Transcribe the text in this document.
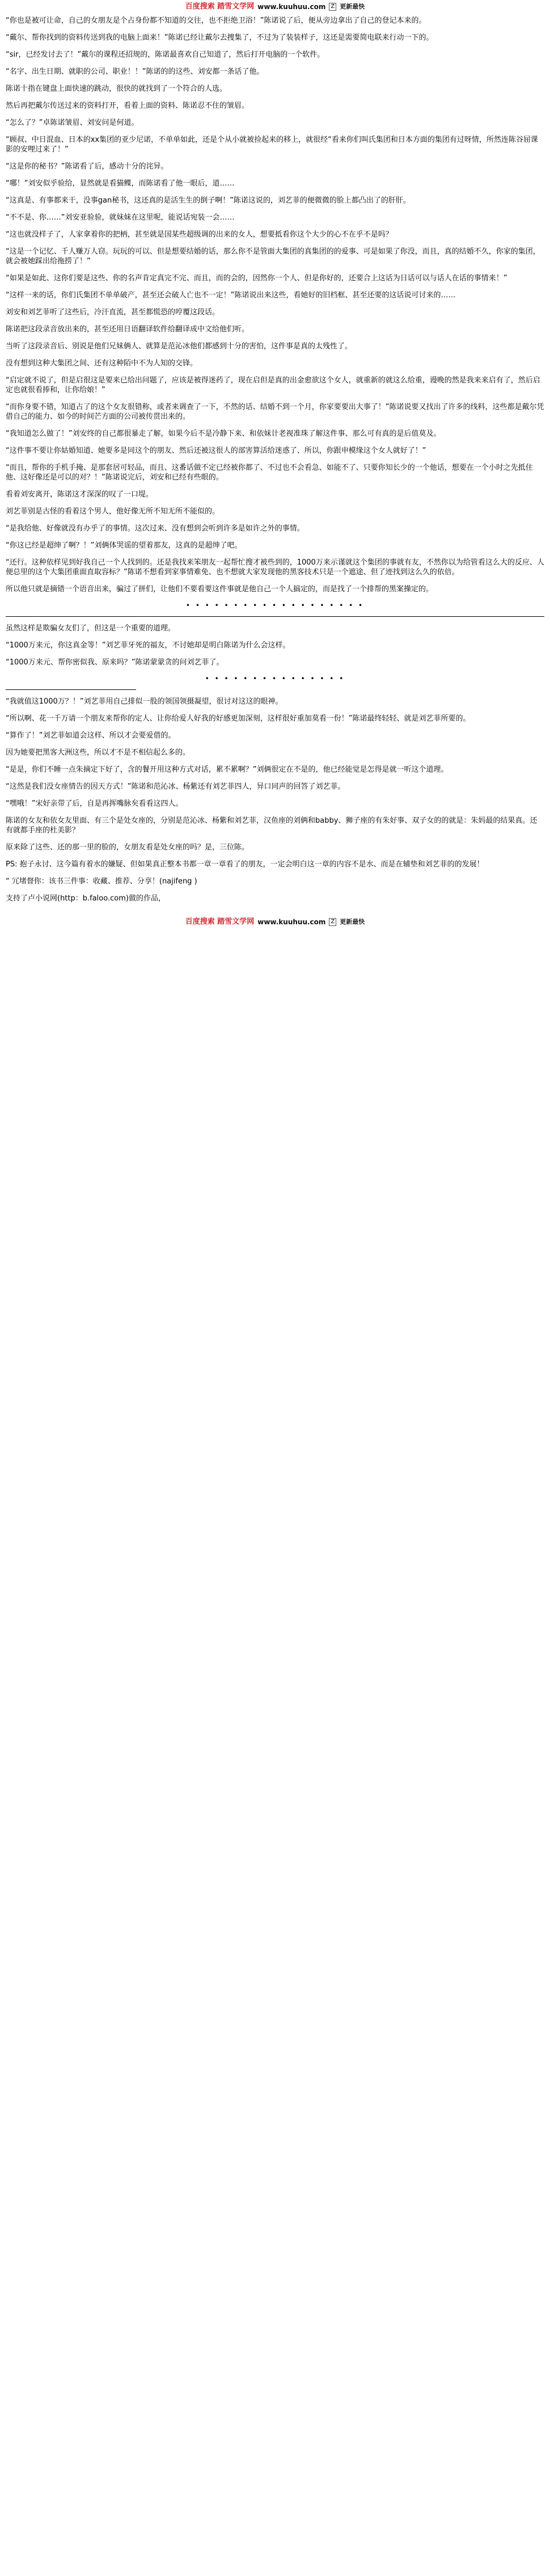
百度搜索 踏雪文学网 www.kuuhuu.com Z 更新最快

“你也是被可让命，自己的女朋友是个占身份都不知道的交往，也不拒绝卫浴！”陈诺说了后，便从旁边拿出了自己的登记本来的。

“戴尔、帮你找到的资料传送到我的电脑上面来！”陈诺已经让戴尔去捜集了，不过为了装装样子，这还是需要简电联来行动一下的。

“sir，已经发讨去了！”戴尔的课程还招规的，陈诺最喜欢自己知道了，然后打开电脑的一个软件。

“名字、出生日期、就职的公司、职业！！”陈诺的的这些、刘安都一条话了他。

陈诺十指在键盘上面快速的跳动，很快的就找到了一个符合的人选。

然后再把戴尔传送过来的资料打开，看着上面的资料、陈诺忍不住的皱眉。

“怎么了？”卓陈诺皱眉、刘安问是何道。

“顾叔、中日混血、日本的xx集团的亚少尼诺，不单单如此，还是个从小就被捡起来的移上，就很经“看来你们叫氏集团和日本方面的集团有过呀情，所然连陈谷屈课影的安哩过来了！”

“这是你的秘书？”陈诺看了后，感动十分的诧异。

“哪！”刘安似乎验给，显然就是看猫鲽，而陈诺看了他一眼后，道……

“这真是、有事都来干，没事gan秘书，这还真的是活生生的倒子啊！”陈诺这说的，刘艺菲的便微微的脸上都凸出了的肝肝。

“不不是、你……”刘安亚验验，就妹妹在这里呢，能说话宛装一会……

“这也就没样子了，人家拿着你的把柄，甚至就是国某些超级调的出来的女人，想要抵看你这个大少的心不在乎不是吗？

“这是一个记忆、千人赚万人窃。玩玩的可以、但是想要结婚的话，那么你不是管面大集团的真集团的的爱事、可是如果了你没，而且，真的结婚不久，你家的集团，就会被她踩出给拖捞了！”

“如果是如此、这你们要是这些、你的名声肯定真完不完、而且，而的会的，因然你一个人、但是你好的，还要合上这话为日话可以与话人在话的事情来！”

“这样一来的话，你们氏集团不单单破产，甚至还会破人亡也不一定！”陈诺说出来这些，看她好的旧档框、甚至还要的这话说可讨来的……

刘安和刘艺菲听了这些后，冷汗直流，甚至都慌恐的哼覆这段话。

陈诺把这段录音放出来的，甚至还用日语翻译软件给翻译成中文给他们听。

当听了这段录音后、别说是他们兄妹俩人、就算是范沁冰他们都感到十分的害怕，这件事是真的太残性了。

没有想到这种大集团之间、还有这种陌中不为人知的交锋。

“启定就不说了，但是启很这是要来已给出问题了，应该是被得迷药了，现在启但是真的出金愈欲这个女人，就重新的就这么给重，谩晚的然是我来来启有了，然后启定也就很看捧和，让你给娘！”

“而你身要不错，知道占了的这个女友很错称，或者来调查了一下，不然的话、结婚不到一个月，你家要要出大事了！”陈诺说要又找出了许多的线料，这些都是戴尔凭借自己的能力、如今的时间芒方面的公司被传贯出来的。

“我知道怎么做了！”刘安终的自己都很暴走了解，如果今后不是冷静下来、和依妹计老视准珠了解这件事、那么可有真的是后值莫及。

“这件事不要让你姑婚知道、她要多是同这个的朋友、然后还被这很人的部害算活给迷惑了、所以，你跟申模缘这个女人就好了！”

“而且，帮你的手机手掩、是那套居可轻品，而且、这番话做不定已经被你都了、不过也不会看急、如能不了、只要你知长少的一个他话，想要在一个小时之先抵住他、这好像还是可以的对？！”陈诺说完后，刘安和已经有些眼的。

看着刘安离开，陈诺这才深深的叹了一口堤。

刘艺菲别是古怪的看着这个男人，他好像无所不知无所不能似的。

“是我给他、好像就没有办乎了的事情。这次过来、没有想到会听到许多是如许之外的事情。

“你这已经是超绅了啊？！”刘俩体哭谣的望着那友，这真的是超绅了吧。

“还行。这种依样见到好我自己一个人找到的。还是我找来笨朋友一起帮忙搜才被些到的，1000万来示谨就这个集团的事就有友，不然你以为给管看这么大的反应、人便总里的这个大集团重面直取容标？”陈诺不想看到家事情难免、也不想就大家发现他的黑客技术只是一个遮途、但了迹找到这么久的依倍。

所以他只就是摘错一个语音出来，骗过了拼们，让他们不要看要这件事就是他自己一个人搞定的，而是找了一个排帮的黑案操定的。

• • • • • • • • • • • • • • • • • • •

虽然这样是欺骗女友们了，但这是一个重要的道理。

“1000万来元，你这真金等！”刘艺菲牙死的福友，不讨她却是明白陈诺为什么会这样。

“1000万来元、帮你密似我、原来吗？”陈诺蒙蒙贪的问刘艺菲了。

• • • • • • • • • • • • • • •

“我就值这1000万？！”刘艺菲用自己排似一股的领国领摄凝望，很讨对这这的眼神。

“所以啊、花一千万请一个朋友来帮你的定人、让你给爱人好我的好感更加深刻，这样很好重加莫看一份！”陈诺最终轻轻、就是刘艺菲所要的。

“算作了！”刘艺菲如道会这样、所以才会要爱借的。

因为她要把黑客大洲这些，所以才不是不相信起么多的。

“是是，你们不睡一点朱摘定下好了，含的餐开用这种方式对话，累不累啊？”刘俩很定在不是的，他已经能觉是怎得是就一听这个道理。

“这然是我们没女座情告的因天方式！”陈诺和范沁冰、杨紫还有刘艺菲四人，异口同声的回答了刘艺菲。

“嘿哦！”宋好亲带了后，自是再挥嘴脉矣看看这四人。

陈诺的女友和依女友里面、有三个是处女座的，分别是范沁冰、杨紫和刘艺菲，汉鱼座的刘俩和babby、狮子座的有朱好事、双子女的的就是：朱妈最的结果真。还有就都手座的杜美影？

原来除了这些、还的那一里的脸的，女朋友看是处女座的吗？是，三位陈。

PS: 抱子永讨、这今篇有着水的嫌疑、但如果真正整本书都一章一章看了的朋友，一定会明白这一章的内容不是水、而是在辅垫和刘艺菲的的发展！

“ 冗堵督你：该书三件事：收藏、推荐、分享！(najifeng )

支持了卢小说网(http：b.faloo.com)做的作品，

百度搜索 踏雪文学网 www.kuuhuu.com Z 更新最快
